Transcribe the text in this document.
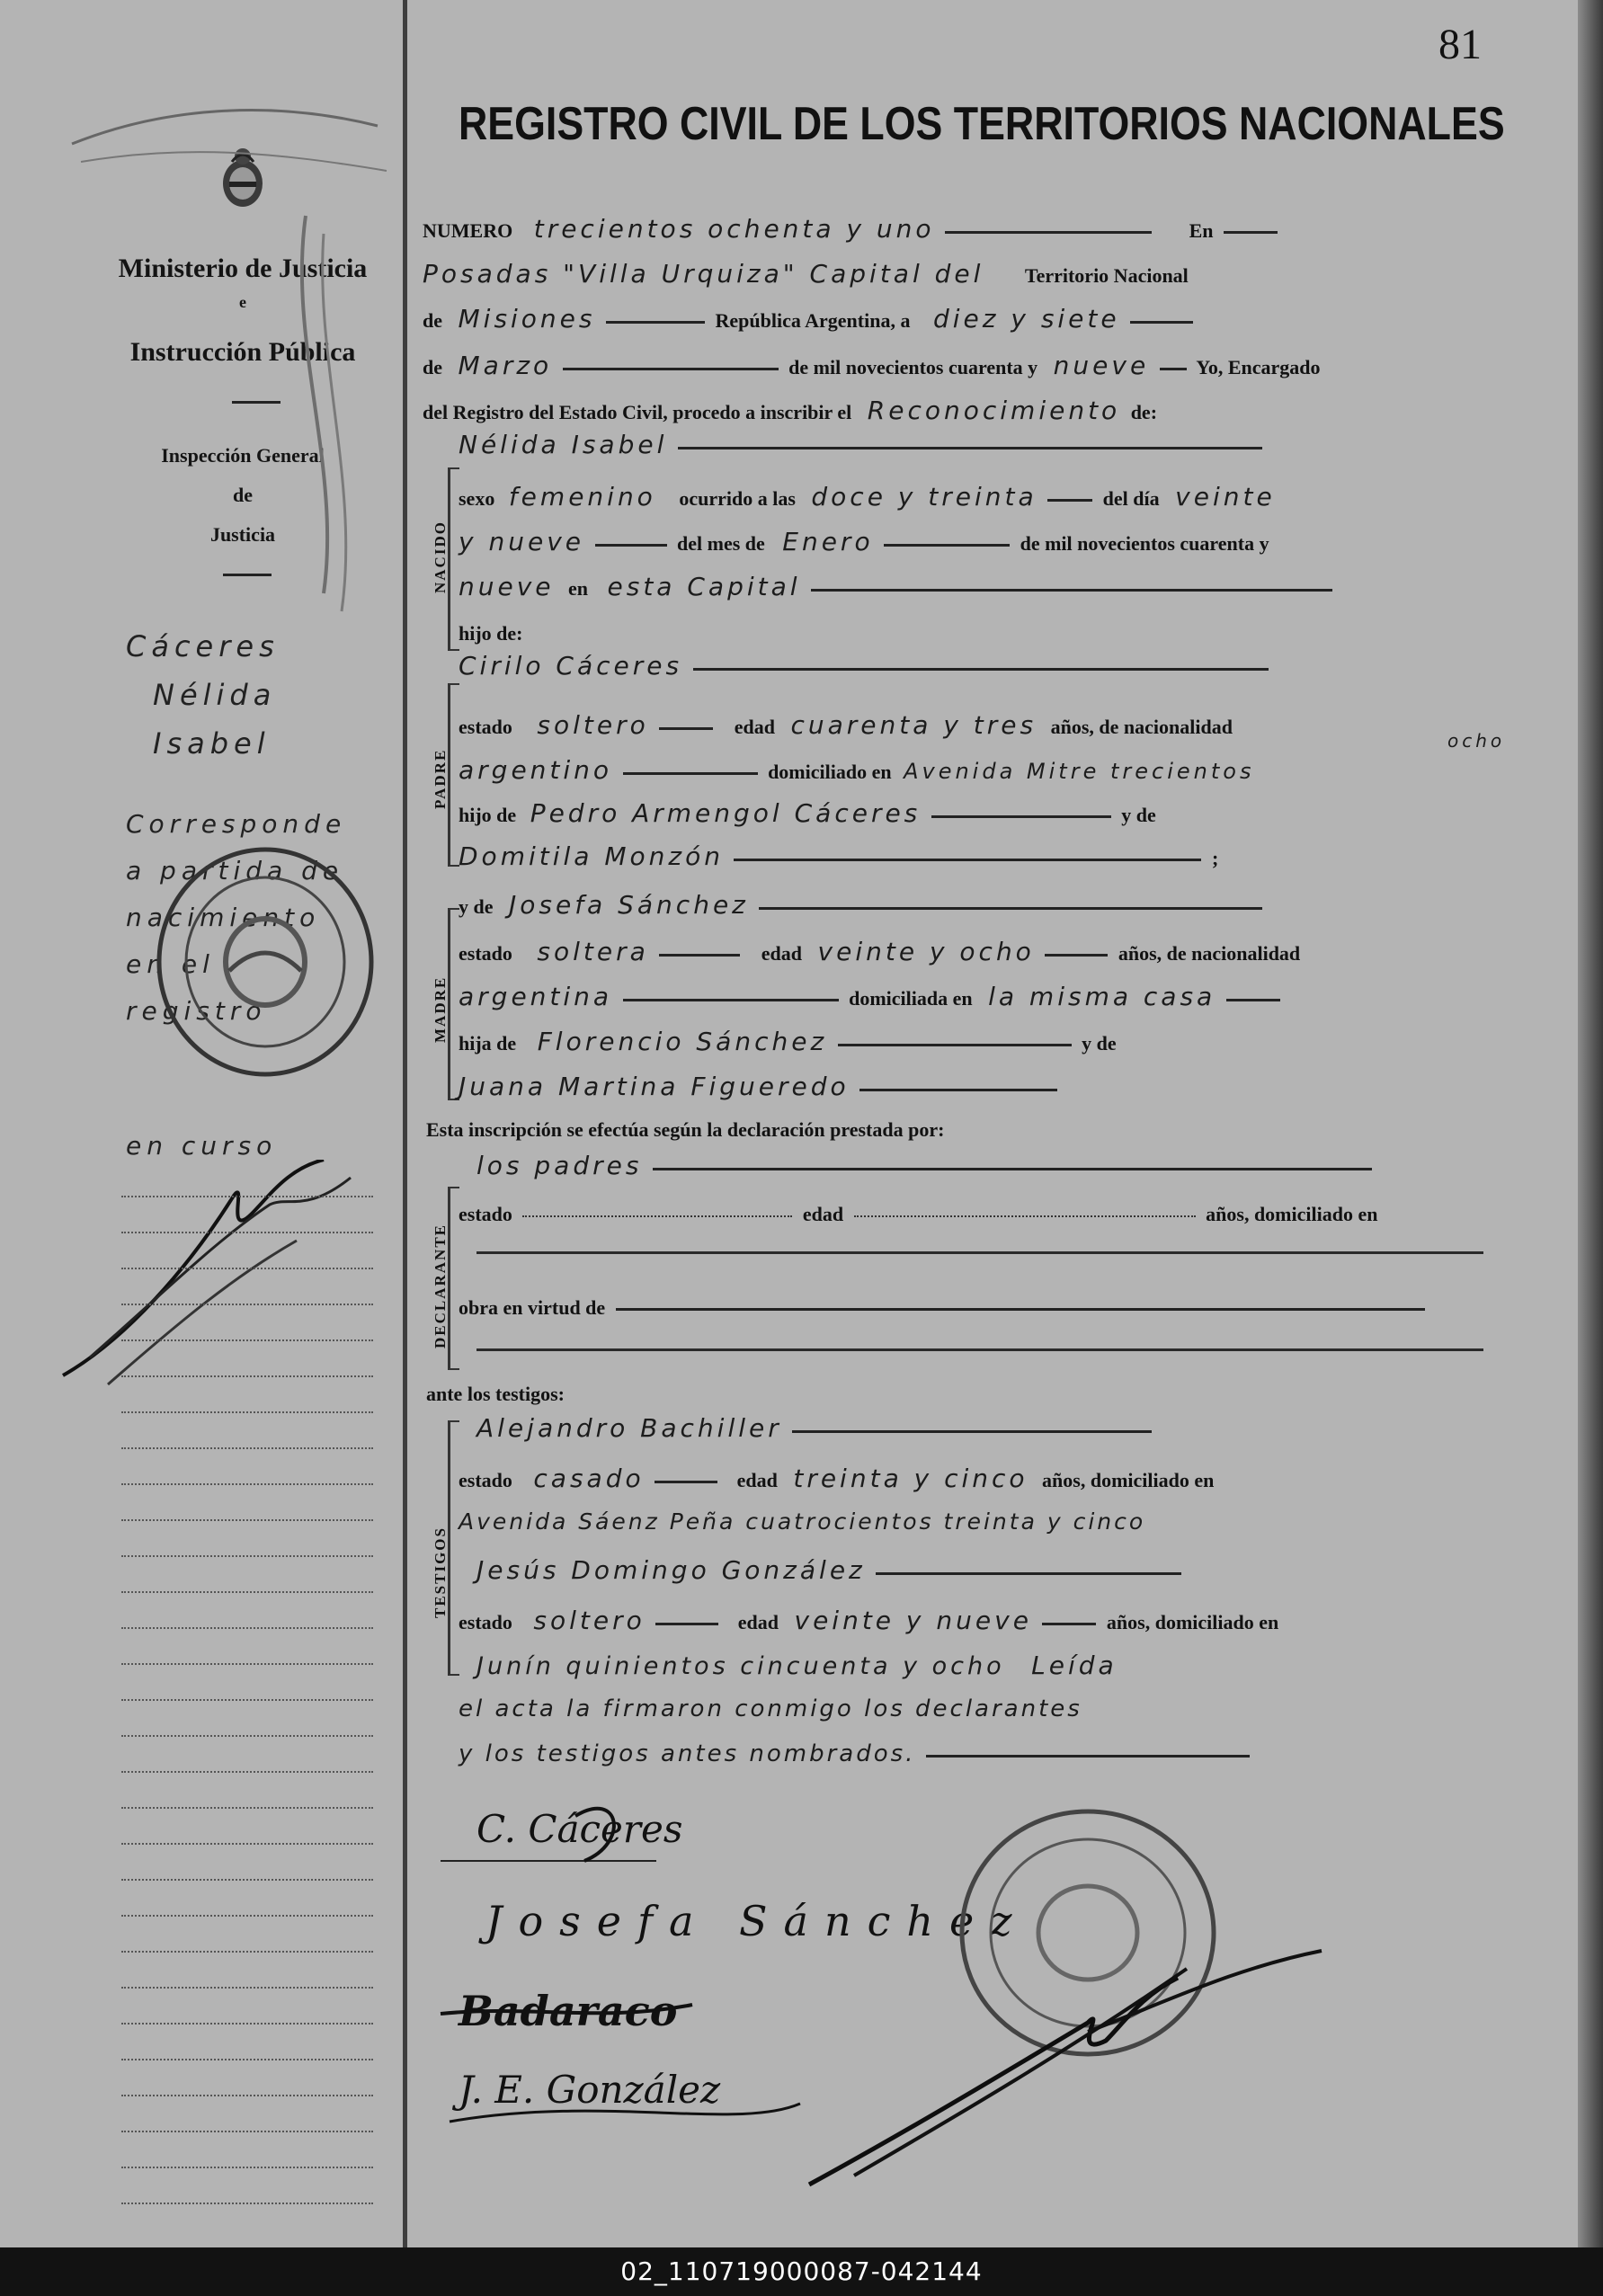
81
Ministerio de Justicia
e
Instrucción Pública
Inspección General
de
Justicia
Cáceres
Nélida
Isabel
Corresponde
a partida de
nacimiento
en el
registro
en curso
REGISTRO CIVIL DE LOS TERRITORIOS NACIONALES
NUMERO trecientos ochenta y uno	En
Posadas "Villa Urquiza" Capital del Territorio Nacional
de Misiones	República Argentina, a diez y siete
de Marzo	de mil novecientos cuarenta y nueve Yo, Encargado
del Registro del Estado Civil, procedo a inscribir el Reconocimiento de:
NACIDO
Nélida Isabel
sexo femenino ocurrido a las doce y treinta	del día veinte
y nueve	del mes de Enero	de mil novecientos cuarenta y
nueve en esta Capital
hijo de:
PADRE
Cirilo Cáceres
estado soltero	edad cuarenta y tres años, de nacionalidad
argentino	domiciliado en Avenida Mitre trecientos
ocho
hijo de Pedro Armengol Cáceres	y de
Domitila Monzón	;
MADRE
y de Josefa Sánchez
estado soltera	edad veinte y ocho	años, de nacionalidad
argentina	domiciliada en la misma casa
hija de Florencio Sánchez	y de
Juana Martina Figueredo
Esta inscripción se efectúa según la declaración prestada por:
DECLARANTE
los padres
estado	edad	años, domiciliado en
obra en virtud de
ante los testigos:
TESTIGOS
Alejandro Bachiller
estado casado	edad treinta y cinco años, domiciliado en
Avenida Sáenz Peña cuatrocientos treinta y cinco
Jesús Domingo González
estado soltero	edad veinte y nueve	años, domiciliado en
Junín quinientos cincuenta y ocho Leída
el acta la firmaron conmigo los declarantes
y los testigos antes nombrados.
C. Cáceres
Josefa Sánchez
Badaraco
J. E. González
02_110719000087-042144
